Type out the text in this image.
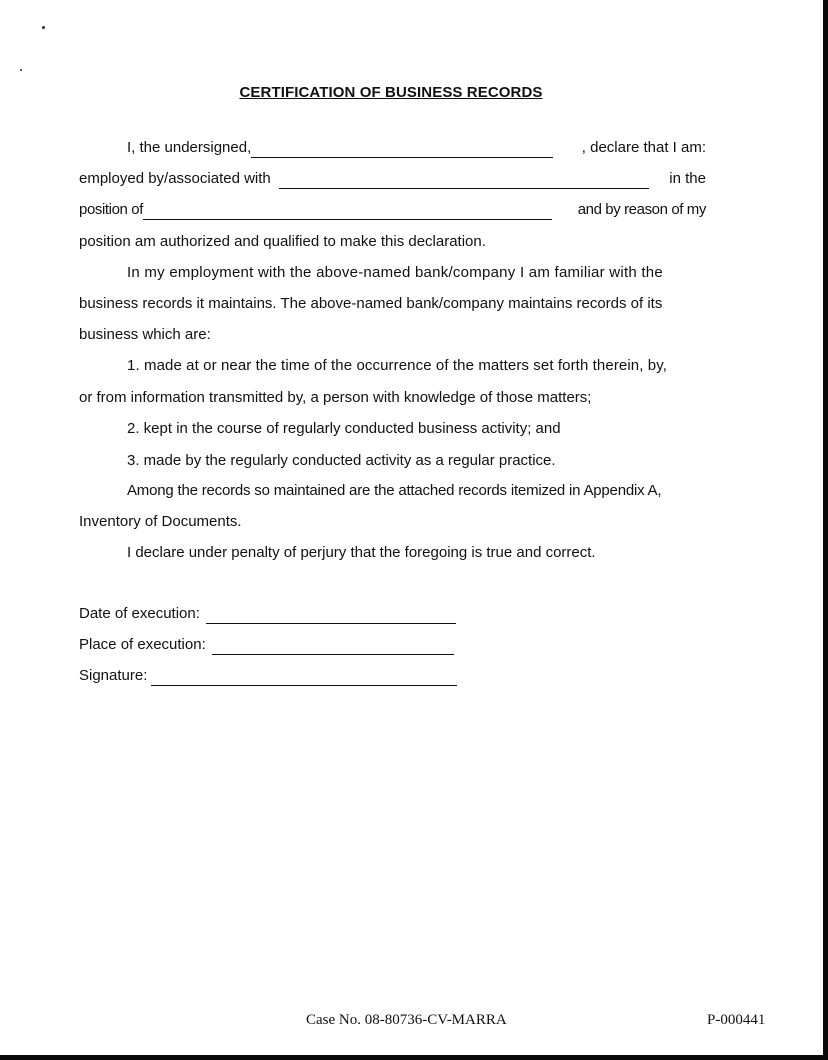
CERTIFICATION OF BUSINESS RECORDS
I, the undersigned,	, declare that I am:
employed by/associated with	in the
position of	and by reason of my
position am authorized and qualified to make this declaration.
In my employment with the above-named bank/company I am familiar with the
business records it maintains. The above-named bank/company maintains records of its
business which are:
1. made at or near the time of the occurrence of the matters set forth therein, by,
or from information transmitted by, a person with knowledge of those matters;
2. kept in the course of regularly conducted business activity; and
3. made by the regularly conducted activity as a regular practice.
Among the records so maintained are the attached records itemized in Appendix A,
Inventory of Documents.
I declare under penalty of perjury that the foregoing is true and correct.
Date of execution:
Place of execution:
Signature:
Case No. 08-80736-CV-MARRA	P-000441
